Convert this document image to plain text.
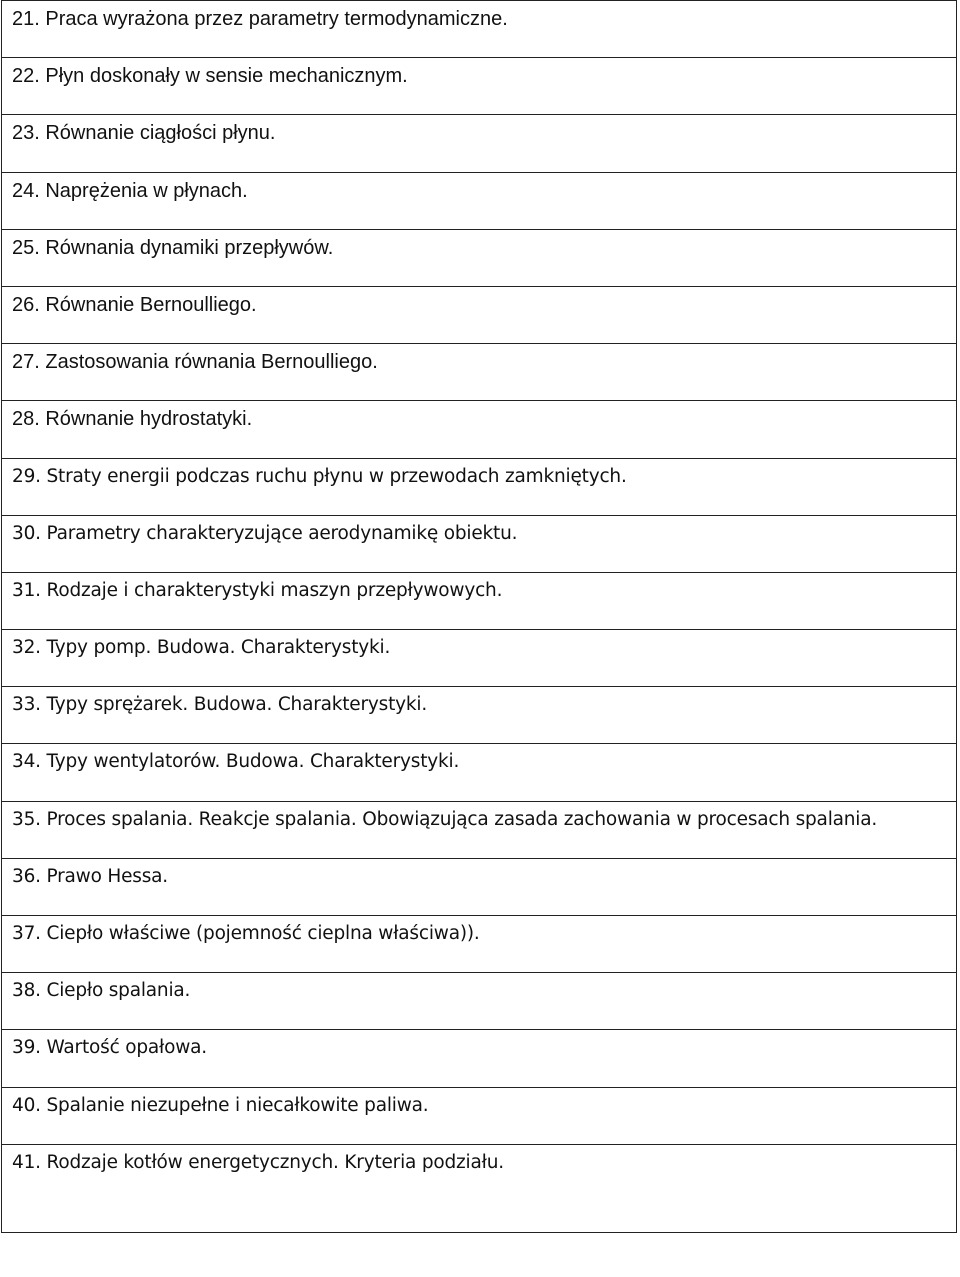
21. Praca wyrażona przez parametry termodynamiczne.

22. Płyn doskonały w sensie mechanicznym.

23. Równanie ciągłości płynu.

24. Naprężenia w płynach.

25. Równania dynamiki przepływów.

26. Równanie Bernoulliego.

27. Zastosowania równania Bernoulliego.

28. Równanie hydrostatyki.

29. Straty energii podczas ruchu płynu w przewodach zamkniętych.

30. Parametry charakteryzujące aerodynamikę obiektu.

31. Rodzaje i charakterystyki maszyn przepływowych.

32. Typy pomp. Budowa. Charakterystyki.

33. Typy sprężarek. Budowa. Charakterystyki.

34. Typy wentylatorów. Budowa. Charakterystyki.

35. Proces spalania. Reakcje spalania. Obowiązująca zasada zachowania w procesach spalania.

36. Prawo Hessa.

37. Ciepło właściwe (pojemność cieplna właściwa)).

38. Ciepło spalania.

39. Wartość opałowa.

40. Spalanie niezupełne i niecałkowite paliwa.

41. Rodzaje kotłów energetycznych. Kryteria podziału.
